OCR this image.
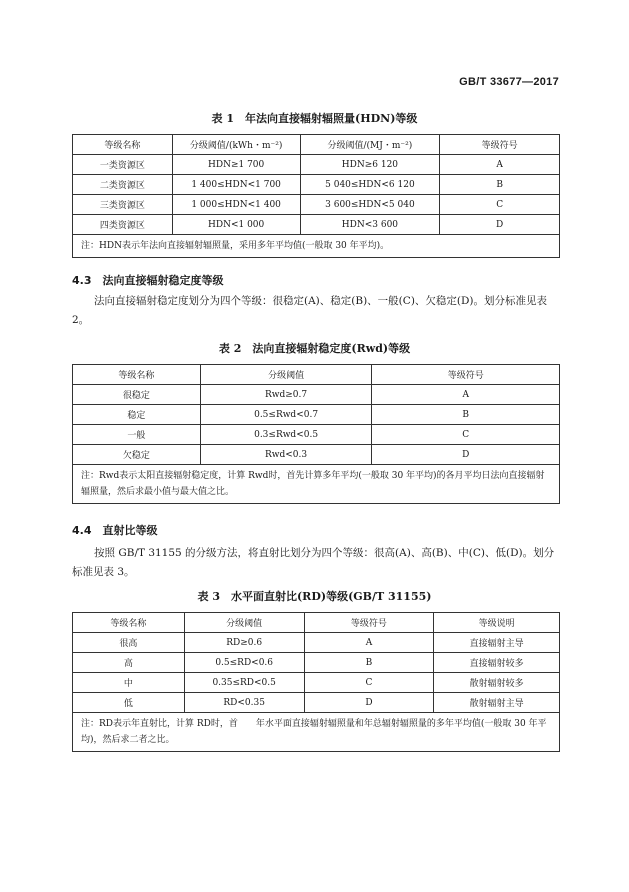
GB/T 33677—2017
表 1　年法向直接辐射辐照量(HDN)等级
等级名称	分级阈值/(kWh・m⁻²)	分级阈值/(MJ・m⁻²)	等级符号
一类资源区	HDN≥1 700	HDN≥6 120	A
二类资源区	1 400≤HDN<1 700	5 040≤HDN<6 120	B
三类资源区	1 000≤HDN<1 400	3 600≤HDN<5 040	C
四类资源区	HDN<1 000	HDN<3 600	D
注：HDN表示年法向直接辐射辐照量，采用多年平均值(一般取 30 年平均)。			
4.3　法向直接辐射稳定度等级
法向直接辐射稳定度划分为四个等级：很稳定(A)、稳定(B)、一般(C)、欠稳定(D)。划分标准见表 2。
表 2　法向直接辐射稳定度(Rwd)等级
等级名称	分级阈值	等级符号
很稳定	Rwd≥0.7	A
稳定	0.5≤Rwd<0.7	B
一般	0.3≤Rwd<0.5	C
欠稳定	Rwd<0.3	D
注：Rwd表示太阳直接辐射稳定度，计算 Rwd时，首先计算多年平均(一般取 30 年平均)的各月平均日法向直接辐射辐照量，然后求最小值与最大值之比。		
4.4　直射比等级
按照 GB/T 31155 的分级方法，将直射比划分为四个等级：很高(A)、高(B)、中(C)、低(D)。划分标准见表 3。
表 3　水平面直射比(RD)等级(GB/T 31155)
等级名称	分级阈值	等级符号	等级说明
很高	RD≥0.6	A	直接辐射主导
高	0.5≤RD<0.6	B	直接辐射较多
中	0.35≤RD<0.5	C	散射辐射较多
低	RD<0.35	D	散射辐射主导
注：RD表示年直射比，计算 RD时，首　　年水平面直接辐射辐照量和年总辐射辐照量的多年平均值(一般取 30 年平均)，然后求二者之比。			
